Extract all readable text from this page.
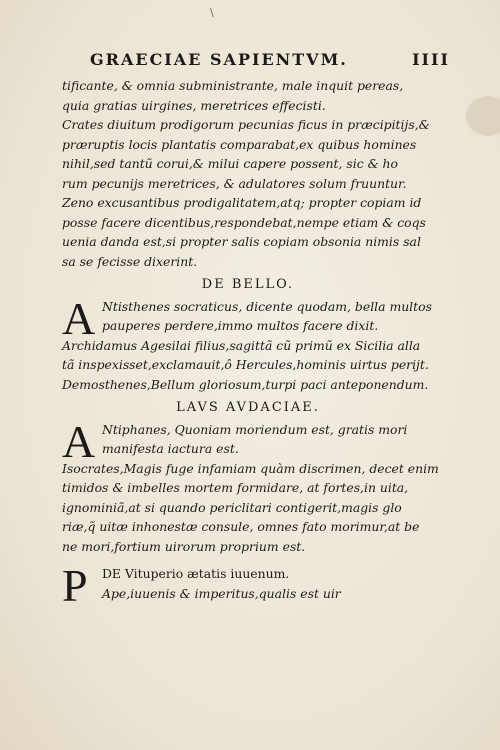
\
GRAECIAE SAPIENTVM.	IIII
tificante, & omnia subministrante, male inquit pereas,
quia gratias uirgines, meretrices effecisti.
Crates diuitum prodigorum pecunias ficus in præcipitijs,&
præruptis locis plantatis comparabat,ex quibus homines
nihil,sed tantũ corui,& milui capere possent, sic & ho
rum pecunijs meretrices, & adulatores solum fruuntur.
Zeno excusantibus prodigalitatem,atq; propter copiam id
posse facere dicentibus,respondebat,nempe etiam & coqs
uenia danda est,si propter salis copiam obsonia nimis sal
sa se fecisse dixerint.
DE BELLO.
A Ntisthenes socraticus, dicente quodam, bella multos
pauperes perdere,immo multos facere dixit.
Archidamus Agesilai filius,sagittã cũ primũ ex Sicilia alla
tã inspexisset,exclamauit,ô Hercules,hominis uirtus perijt.
Demosthenes,Bellum gloriosum,turpi paci anteponendum.
LAVS AVDACIAE.
A Ntiphanes, Quoniam moriendum est, gratis mori
manifesta iactura est.
Isocrates,Magis fuge infamiam quàm discrimen, decet enim
timidos & imbelles mortem formidare, at fortes,in uita,
ignominiã,at si quando periclitari contigerit,magis glo
riæ,q̃ uitæ inhonestæ consule, omnes fato morimur,at be
ne mori,fortium uirorum proprium est.
P	DE Vituperio ætatis iuuenum.
Ape,iuuenis & imperitus,qualis est uir
